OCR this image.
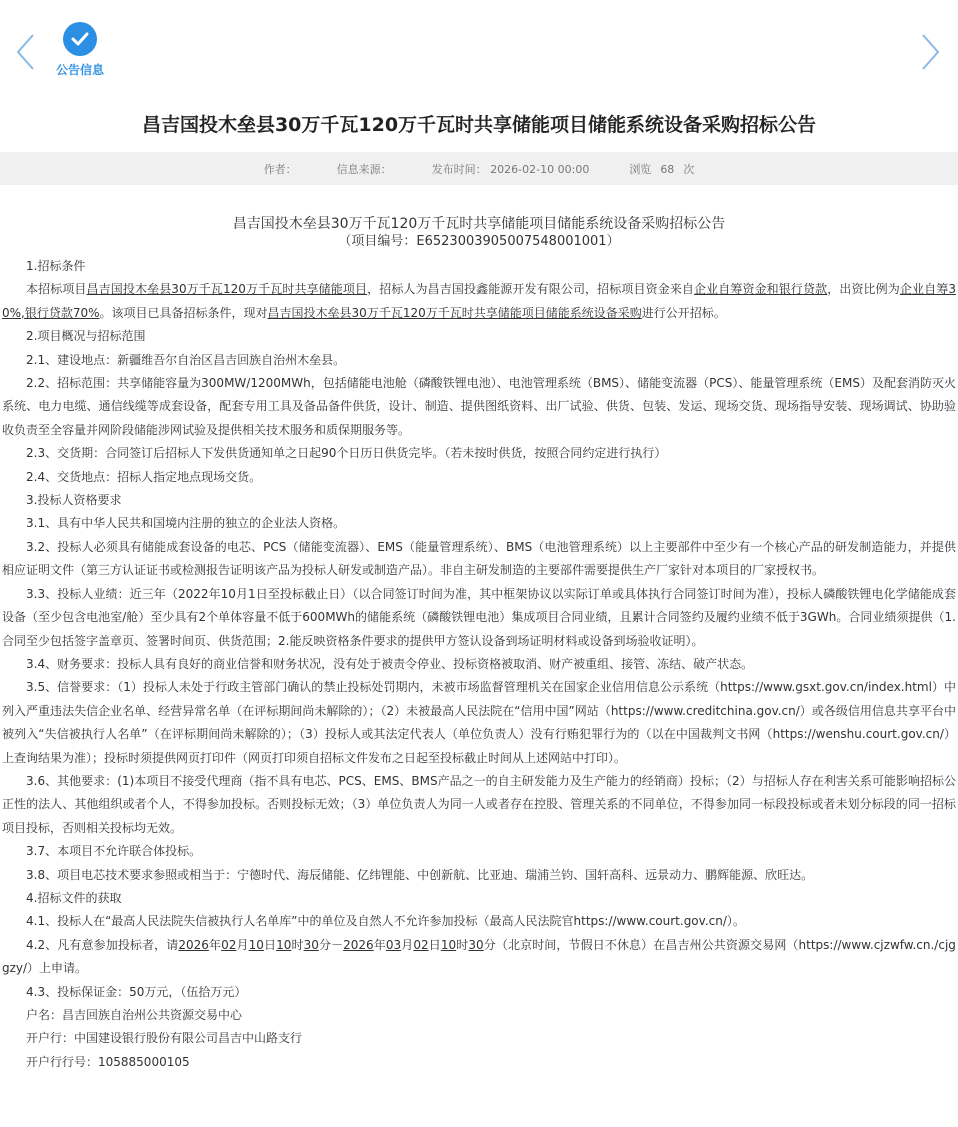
公告信息
昌吉国投木垒县30万千瓦120万千瓦时共享储能项目储能系统设备采购招标公告
作者：	信息来源：	发布时间： 2026-02-10 00:00	浏览 68 次
昌吉国投木垒县30万千瓦120万千瓦时共享储能项目储能系统设备采购招标公告
（项目编号：E6523003905007548001001）

1.招标条件

本招标项目昌吉国投木垒县30万千瓦120万千瓦时共享储能项目，招标人为昌吉国投鑫能源开发有限公司，招标项目资金来自企业自筹资金和银行贷款，出资比例为企业自筹30%,银行贷款70%。该项目已具备招标条件，现对昌吉国投木垒县30万千瓦120万千瓦时共享储能项目储能系统设备采购进行公开招标。

2.项目概况与招标范围

2.1、建设地点：新疆维吾尔自治区昌吉回族自治州木垒县。

2.2、招标范围：共享储能容量为300MW/1200MWh，包括储能电池舱（磷酸铁锂电池）、电池管理系统（BMS）、储能变流器（PCS）、能量管理系统（EMS）及配套消防灭火系统、电力电缆、通信线缆等成套设备，配套专用工具及备品备件供货，设计、制造、提供图纸资料、出厂试验、供货、包装、发运、现场交货、现场指导安装、现场调试、协助验收负责至全容量并网阶段储能涉网试验及提供相关技术服务和质保期服务等。

2.3、交货期：合同签订后招标人下发供货通知单之日起90个日历日供货完毕。（若未按时供货，按照合同约定进行执行）

2.4、交货地点：招标人指定地点现场交货。

3.投标人资格要求

3.1、具有中华人民共和国境内注册的独立的企业法人资格。

3.2、投标人必须具有储能成套设备的电芯、PCS（储能变流器）、EMS（能量管理系统）、BMS（电池管理系统）以上主要部件中至少有一个核心产品的研发制造能力，并提供相应证明文件（第三方认证证书或检测报告证明该产品为投标人研发或制造产品）。非自主研发制造的主要部件需要提供生产厂家针对本项目的厂家授权书。

3.3、投标人业绩：近三年（2022年10月1日至投标截止日）（以合同签订时间为准，其中框架协议以实际订单或具体执行合同签订时间为准），投标人磷酸铁锂电化学储能成套设备（至少包含电池室/舱）至少具有2个单体容量不低于600MWh的储能系统（磷酸铁锂电池）集成项目合同业绩，且累计合同签约及履约业绩不低于3GWh。合同业绩须提供（1.合同至少包括签字盖章页、签署时间页、供货范围；2.能反映资格条件要求的提供甲方签认设备到场证明材料或设备到场验收证明）。

3.4、财务要求：投标人具有良好的商业信誉和财务状况，没有处于被责令停业、投标资格被取消、财产被重组、接管、冻结、破产状态。

3.5、信誉要求：（1）投标人未处于行政主管部门确认的禁止投标处罚期内，未被市场监督管理机关在国家企业信用信息公示系统（https://www.gsxt.gov.cn/index.html）中列入严重违法失信企业名单、经营异常名单（在评标期间尚未解除的）；（2）未被最高人民法院在“信用中国”网站（https://www.creditchina.gov.cn/）或各级信用信息共享平台中被列入“失信被执行人名单”（在评标期间尚未解除的）；（3）投标人或其法定代表人（单位负责人）没有行贿犯罪行为的（以在中国裁判文书网（https://wenshu.court.gov.cn/）上查询结果为准）；投标时须提供网页打印件（网页打印须自招标文件发布之日起至投标截止时间从上述网站中打印）。

3.6、其他要求：(1)本项目不接受代理商（指不具有电芯、PCS、EMS、BMS产品之一的自主研发能力及生产能力的经销商）投标；（2）与招标人存在利害关系可能影响招标公正性的法人、其他组织或者个人，不得参加投标。否则投标无效；（3）单位负责人为同一人或者存在控股、管理关系的不同单位，不得参加同一标段投标或者未划分标段的同一招标项目投标，否则相关投标均无效。

3.7、本项目不允许联合体投标。

3.8、项目电芯技术要求参照或相当于：宁德时代、海辰储能、亿纬锂能、中创新航、比亚迪、瑞浦兰钧、国轩高科、远景动力、鹏辉能源、欣旺达。

4.招标文件的获取

4.1、投标人在“最高人民法院失信被执行人名单库”中的单位及自然人不允许参加投标（最高人民法院官https://www.court.gov.cn/）。

4.2、凡有意参加投标者，请2026年02月10日10时30分－2026年03月02日10时30分（北京时间，节假日不休息）在昌吉州公共资源交易网（https://www.cjzwfw.cn./cjggzy/）上申请。

4.3、投标保证金：50万元，（伍拾万元）

户名：昌吉回族自治州公共资源交易中心

开户行：中国建设银行股份有限公司昌吉中山路支行

开户行行号：105885000105
